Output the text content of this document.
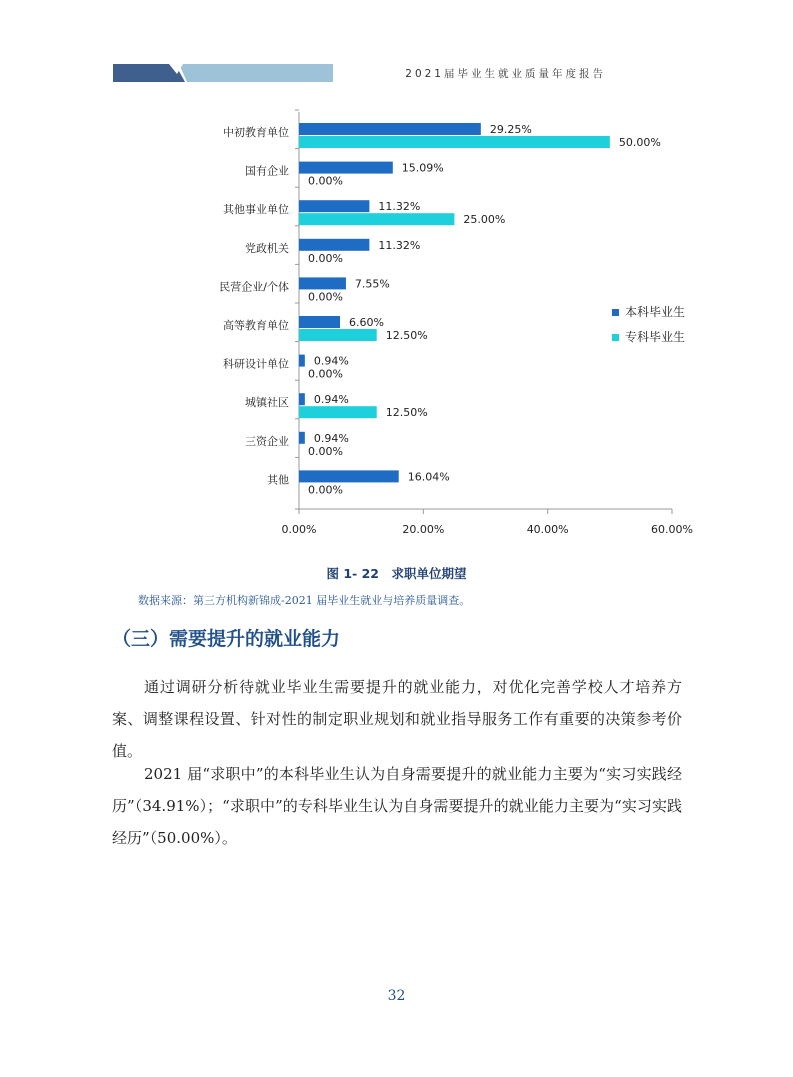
2021届毕业生就业质量年度报告
0.00%	20.00%	40.00%	60.00%
中初教育单位	29.25%
50.00%
国有企业	15.09%
0.00%
其他事业单位	11.32%
25.00%
党政机关	11.32%
0.00%
民营企业/个体	7.55%
0.00%
高等教育单位	6.60%
12.50%
科研设计单位 0.94%
0.00%
城镇社区 0.94%
12.50%
三资企业 0.94%
0.00%
其他	16.04%
0.00%
本科毕业生
专科毕业生
图 1- 22　求职单位期望
数据来源：第三方机构新锦成-2021 届毕业生就业与培养质量调查。
（三）需要提升的就业能力

通过调研分析待就业毕业生需要提升的就业能力，对优化完善学校人才培养方案、调整课程设置、针对性的制定职业规划和就业指导服务工作有重要的决策参考价值。

2021 届“求职中”的本科毕业生认为自身需要提升的就业能力主要为“实习实践经历”（34.91%）；“求职中”的专科毕业生认为自身需要提升的就业能力主要为“实习实践经历”（50.00%）。

32
